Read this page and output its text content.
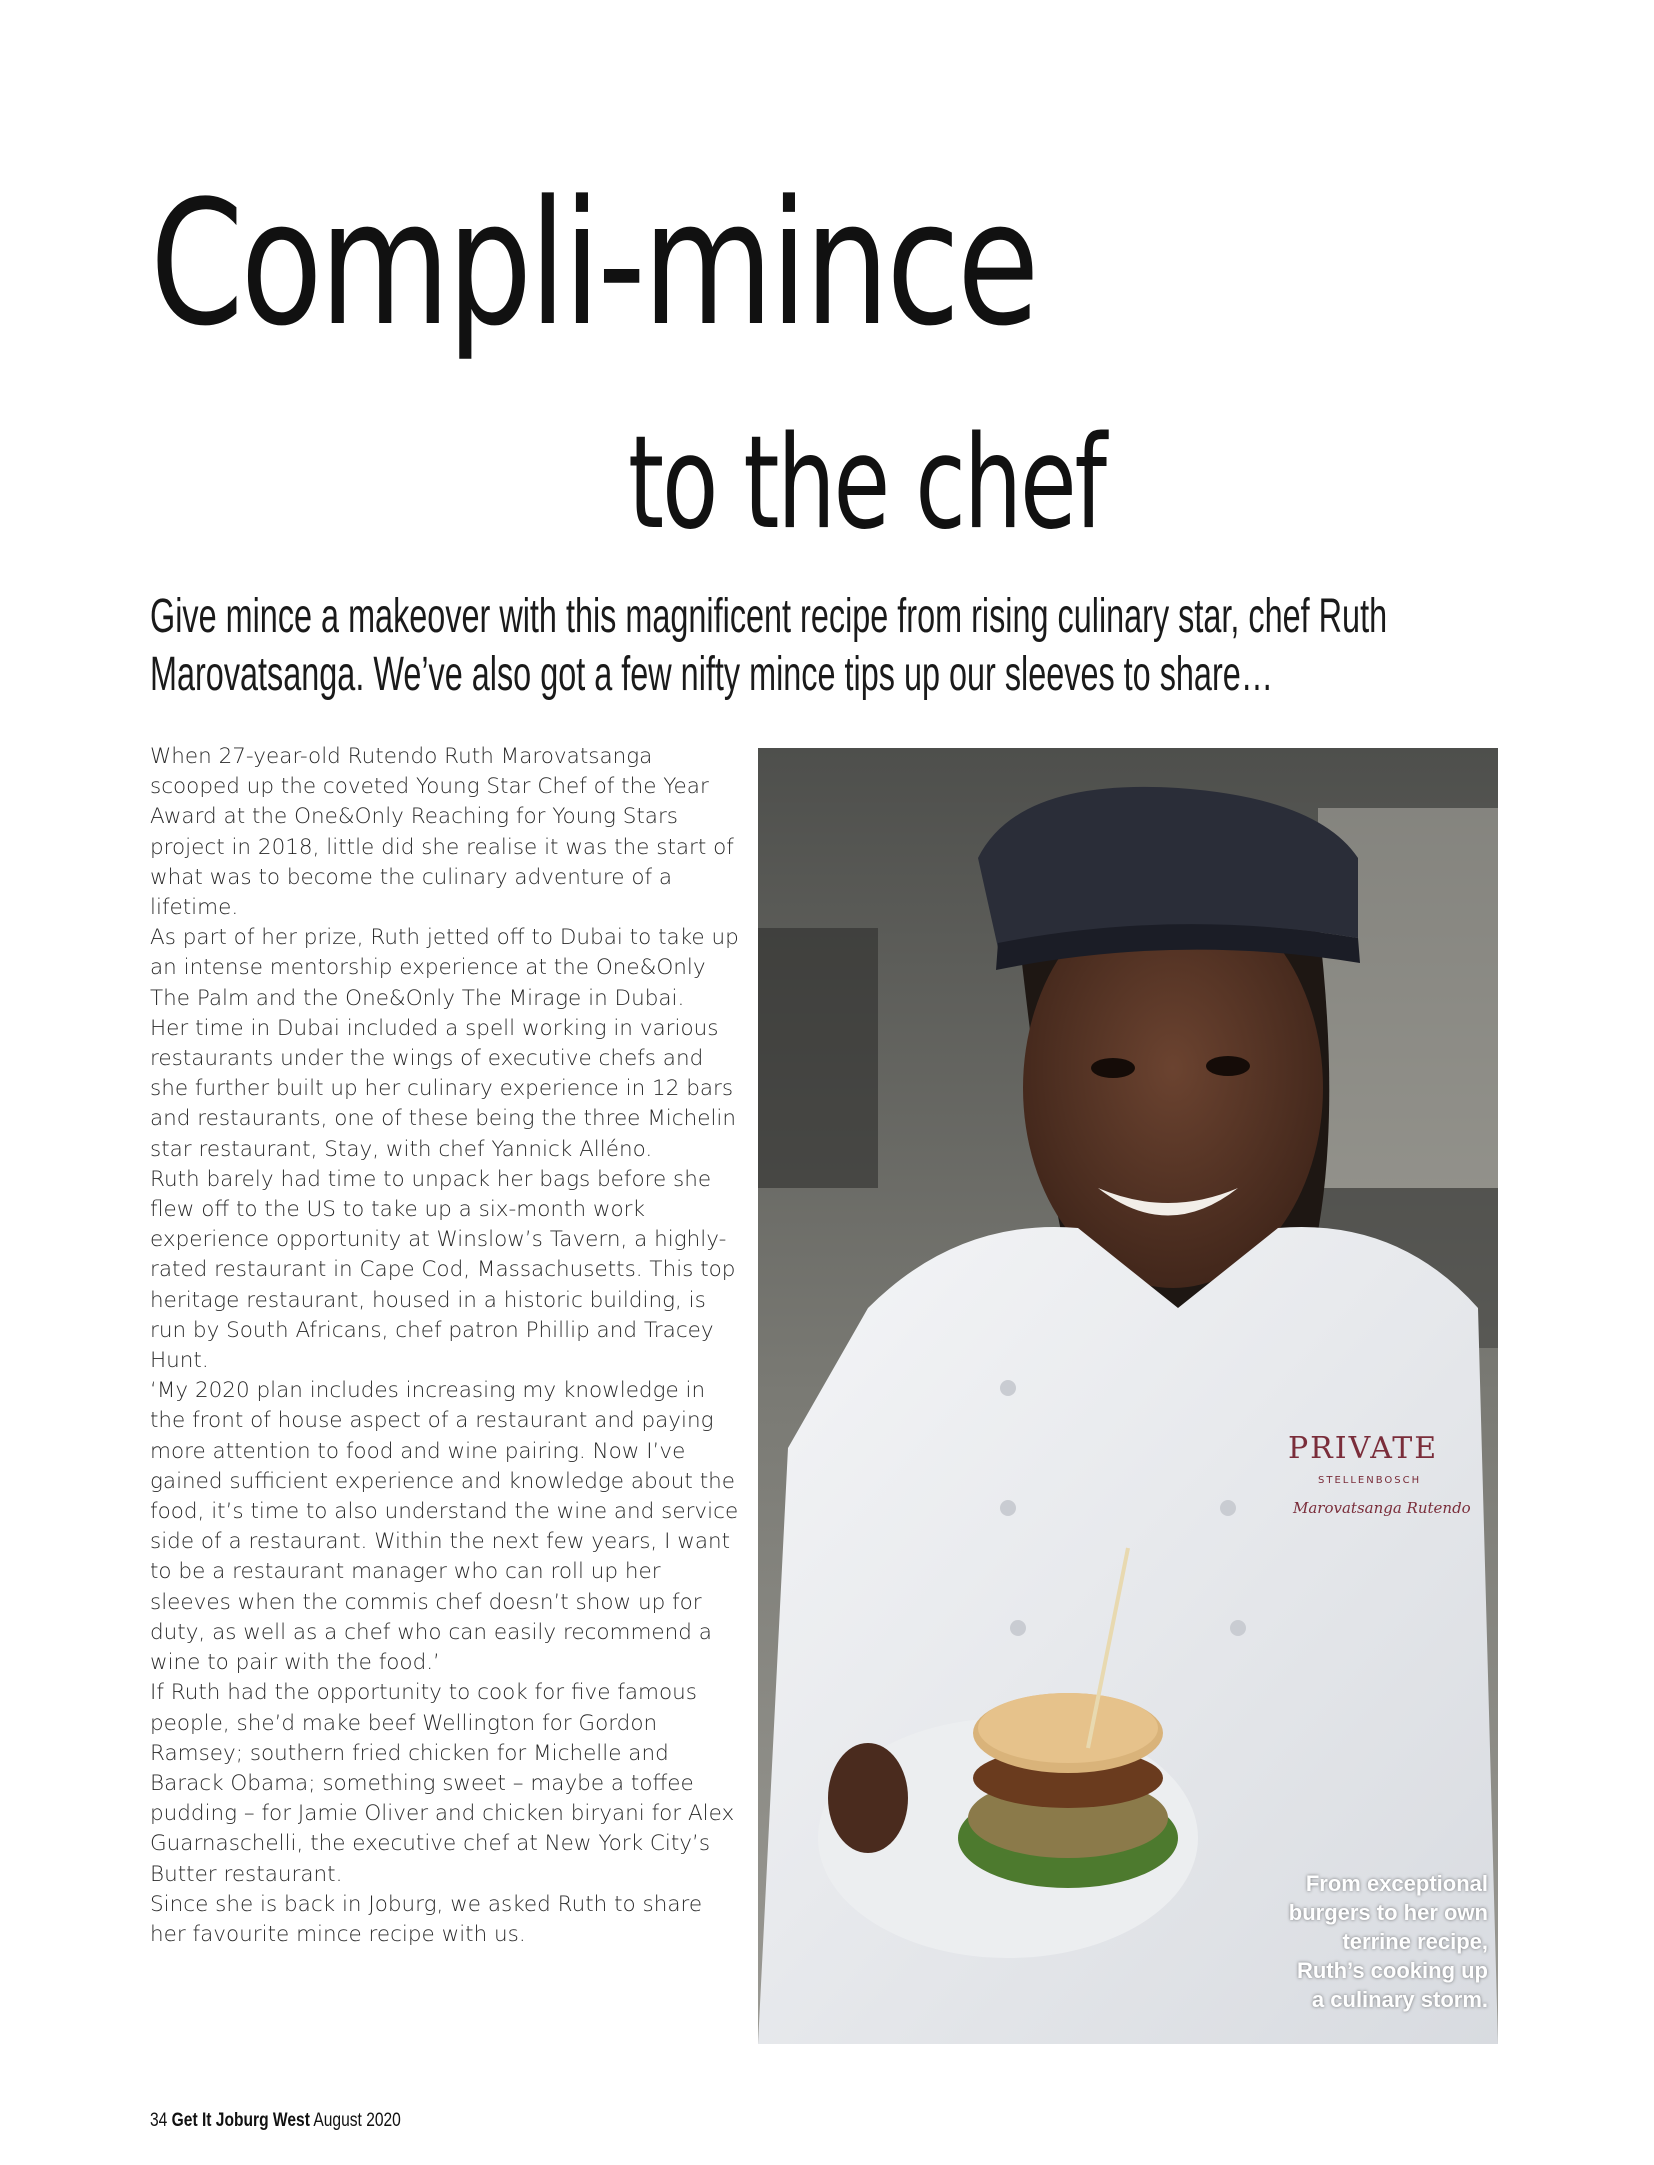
Compli-mince
to the chef
Give mince a makeover with this magnificent recipe from rising culinary star, chef Ruth
Marovatsanga. We’ve also got a few nifty mince tips up our sleeves to share…

When 27-year-old Rutendo Ruth Marovatsanga scooped up the coveted Young Star Chef of the Year Award at the One&Only Reaching for Young Stars project in 2018, little did she realise it was the start of what was to become the culinary adventure of a lifetime.

As part of her prize, Ruth jetted off to Dubai to take up an intense mentorship experience at the One&Only The Palm and the One&Only The Mirage in Dubai.

Her time in Dubai included a spell working in various restaurants under the wings of executive chefs and she further built up her culinary experience in 12 bars and restaurants, one of these being the three Michelin star restaurant, Stay, with chef Yannick Alléno.

Ruth barely had time to unpack her bags before she flew off to the US to take up a six-month work experience opportunity at Winslow’s Tavern, a highly-rated restaurant in Cape Cod, Massachusetts. This top heritage restaurant, housed in a historic building, is run by South Africans, chef patron Phillip and Tracey Hunt.

‘My 2020 plan includes increasing my knowledge in the front of house aspect of a restaurant and paying more attention to food and wine pairing. Now I’ve gained sufficient experience and knowledge about the food, it’s time to also understand the wine and service side of a restaurant. Within the next few years, I want to be a restaurant manager who can roll up her sleeves when the commis chef doesn’t show up for duty, as well as a chef who can easily recommend a wine to pair with the food.’

If Ruth had the opportunity to cook for five famous people, she’d make beef Wellington for Gordon Ramsey; southern fried chicken for Michelle and Barack Obama; something sweet – maybe a toffee pudding – for Jamie Oliver and chicken biryani for Alex Guarnaschelli, the executive chef at New York City’s Butter restaurant.

Since she is back in Joburg, we asked Ruth to share her favourite mince recipe with us.

PRIVATE
STELLENBOSCH
Marovatsanga Rutendo
From exceptional burgers to her own terrine recipe, Ruth’s cooking up a culinary storm.
34 Get It Joburg West August 2020
